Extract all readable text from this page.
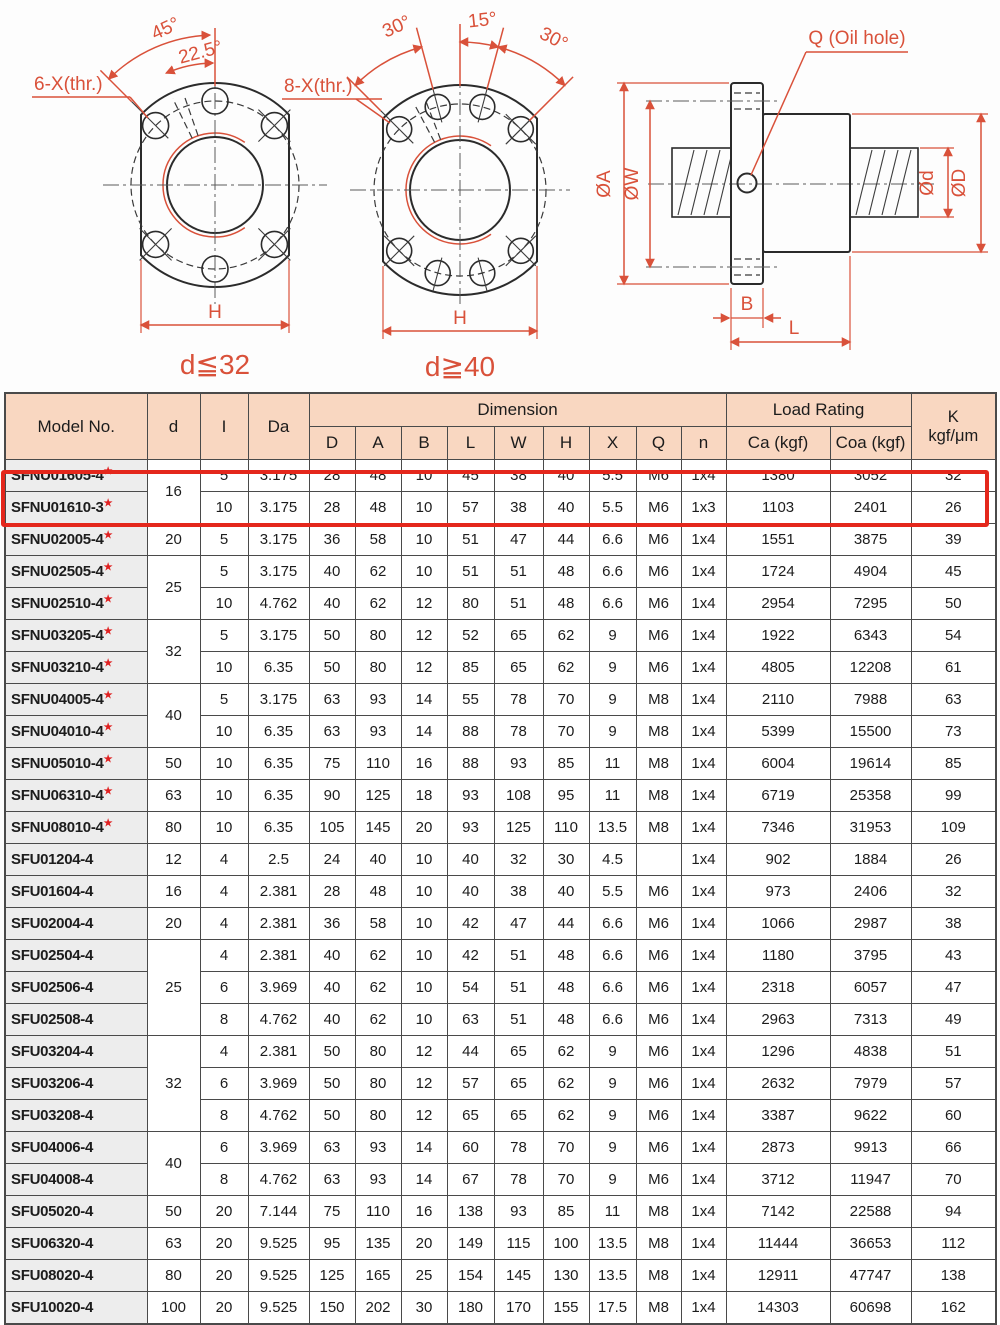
45°
22.5°
6-X(thr.)
H
d≦32
30°	15°
30°
8-X(thr.)
H
d≧40
Q (Oil hole)
ØA ØW	Ød ØD
B
L
Model No.	d	I	Da	Dimension									Load Rating		K
kgf/μm
				D	A	B	L	W	H	X	Q	n	Ca (kgf)	Coa (kgf)	
SFNU01605-4★	16	5	3.175	28	48	10	45	38	40	5.5	M6	1x4	1380	3052	32
SFNU01610-3★		10	3.175	28	48	10	57	38	40	5.5	M6	1x3	1103	2401	26
SFNU02005-4★	20	5	3.175	36	58	10	51	47	44	6.6	M6	1x4	1551	3875	39
SFNU02505-4★	25	5	3.175	40	62	10	51	51	48	6.6	M6	1x4	1724	4904	45
SFNU02510-4★		10	4.762	40	62	12	80	51	48	6.6	M6	1x4	2954	7295	50
SFNU03205-4★	32	5	3.175	50	80	12	52	65	62	9	M6	1x4	1922	6343	54
SFNU03210-4★		10	6.35	50	80	12	85	65	62	9	M6	1x4	4805	12208	61
SFNU04005-4★	40	5	3.175	63	93	14	55	78	70	9	M8	1x4	2110	7988	63
SFNU04010-4★		10	6.35	63	93	14	88	78	70	9	M8	1x4	5399	15500	73
SFNU05010-4★	50	10	6.35	75	110	16	88	93	85	11	M8	1x4	6004	19614	85
SFNU06310-4★	63	10	6.35	90	125	18	93	108	95	11	M8	1x4	6719	25358	99
SFNU08010-4★	80	10	6.35	105	145	20	93	125	110	13.5	M8	1x4	7346	31953	109
SFU01204-4	12	4	2.5	24	40	10	40	32	30	4.5		1x4	902	1884	26
SFU01604-4	16	4	2.381	28	48	10	40	38	40	5.5	M6	1x4	973	2406	32
SFU02004-4	20	4	2.381	36	58	10	42	47	44	6.6	M6	1x4	1066	2987	38
SFU02504-4	25	4	2.381	40	62	10	42	51	48	6.6	M6	1x4	1180	3795	43
SFU02506-4		6	3.969	40	62	10	54	51	48	6.6	M6	1x4	2318	6057	47
SFU02508-4		8	4.762	40	62	10	63	51	48	6.6	M6	1x4	2963	7313	49
SFU03204-4	32	4	2.381	50	80	12	44	65	62	9	M6	1x4	1296	4838	51
SFU03206-4		6	3.969	50	80	12	57	65	62	9	M6	1x4	2632	7979	57
SFU03208-4		8	4.762	50	80	12	65	65	62	9	M6	1x4	3387	9622	60
SFU04006-4	40	6	3.969	63	93	14	60	78	70	9	M6	1x4	2873	9913	66
SFU04008-4		8	4.762	63	93	14	67	78	70	9	M6	1x4	3712	11947	70
SFU05020-4	50	20	7.144	75	110	16	138	93	85	11	M8	1x4	7142	22588	94
SFU06320-4	63	20	9.525	95	135	20	149	115	100	13.5	M8	1x4	11444	36653	112
SFU08020-4	80	20	9.525	125	165	25	154	145	130	13.5	M8	1x4	12911	47747	138
SFU10020-4	100	20	9.525	150	202	30	180	170	155	17.5	M8	1x4	14303	60698	162
